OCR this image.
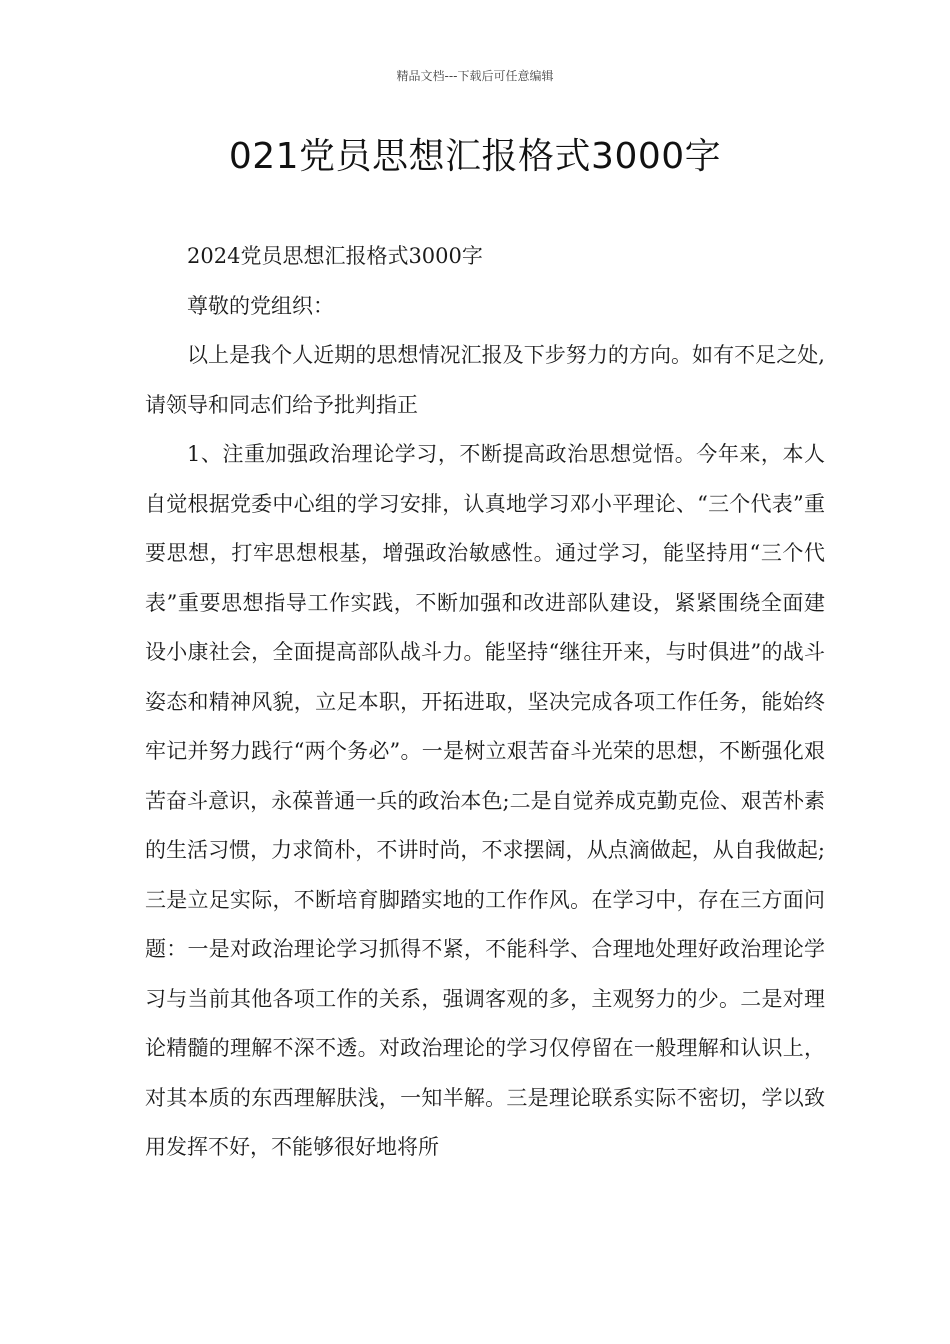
精品文档---下载后可任意编辑
021党员思想汇报格式3000字

2024党员思想汇报格式3000字

尊敬的党组织：

以上是我个人近期的思想情况汇报及下步努力的方向。如有不足之处,请领导和同志们给予批判指正

1、注重加强政治理论学习，不断提高政治思想觉悟。今年来，本人自觉根据党委中心组的学习安排，认真地学习邓小平理论、“三个代表”重要思想，打牢思想根基，增强政治敏感性。通过学习，能坚持用“三个代表”重要思想指导工作实践，不断加强和改进部队建设，紧紧围绕全面建设小康社会，全面提高部队战斗力。能坚持“继往开来，与时俱进”的战斗姿态和精神风貌，立足本职，开拓进取，坚决完成各项工作任务，能始终牢记并努力践行“两个务必”。一是树立艰苦奋斗光荣的思想，不断强化艰苦奋斗意识，永葆普通一兵的政治本色;二是自觉养成克勤克俭、艰苦朴素的生活习惯，力求简朴，不讲时尚，不求摆阔，从点滴做起，从自我做起;三是立足实际，不断培育脚踏实地的工作作风。在学习中，存在三方面问题：一是对政治理论学习抓得不紧，不能科学、合理地处理好政治理论学习与当前其他各项工作的关系，强调客观的多，主观努力的少。二是对理论精髓的理解不深不透。对政治理论的学习仅停留在一般理解和认识上，对其本质的东西理解肤浅，一知半解。三是理论联系实际不密切，学以致用发挥不好，不能够很好地将所
